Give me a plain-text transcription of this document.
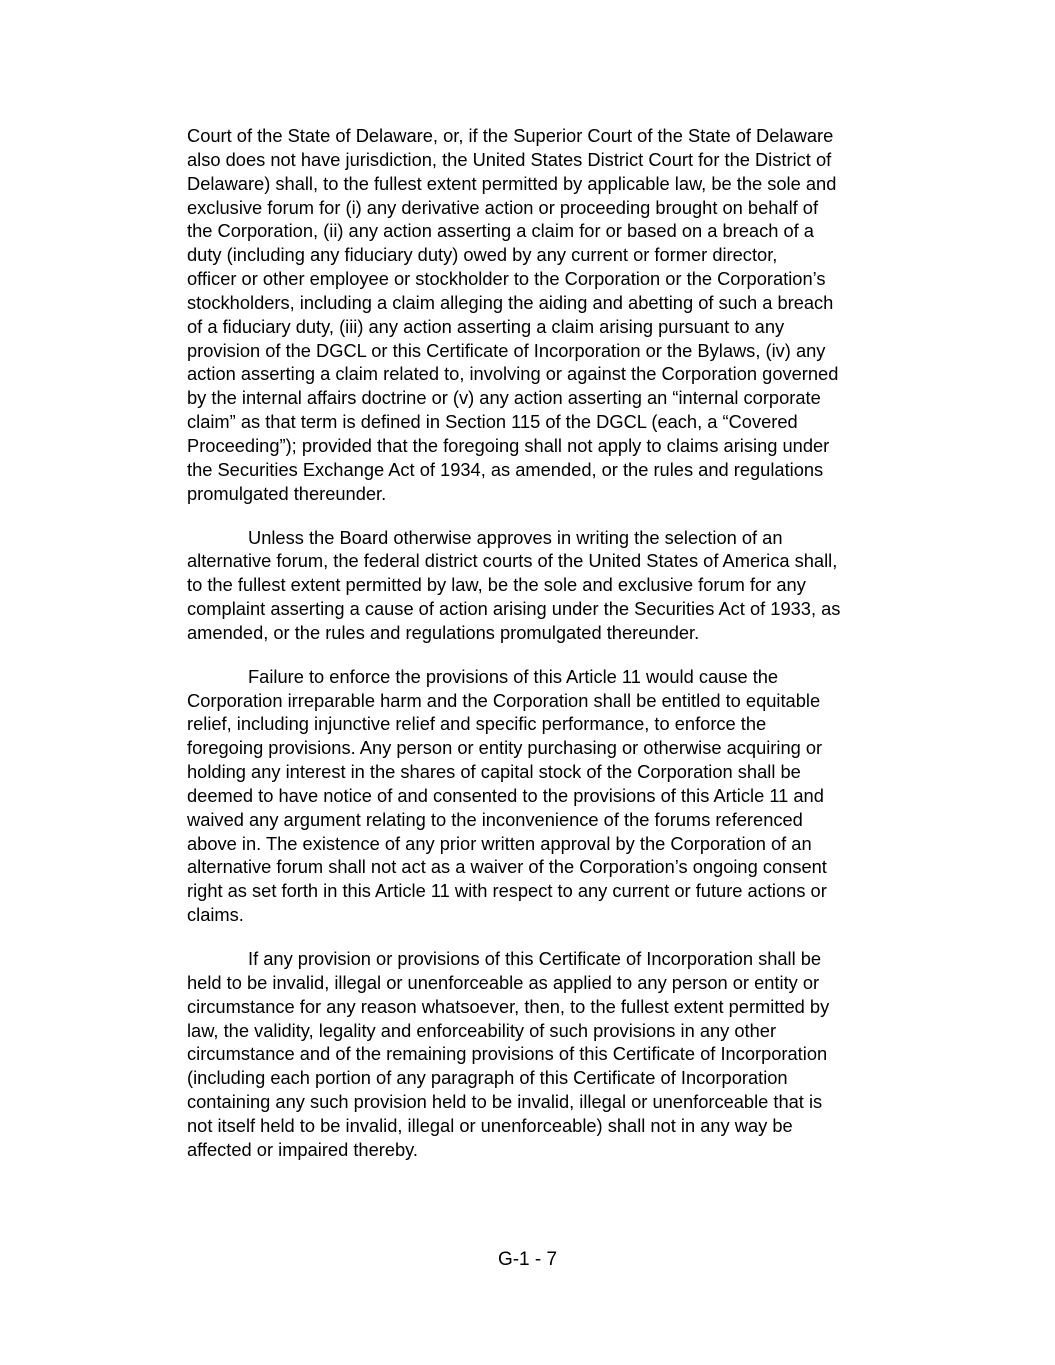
Court of the State of Delaware, or, if the Superior Court of the State of Delaware
also does not have jurisdiction, the United States District Court for the District of
Delaware) shall, to the fullest extent permitted by applicable law, be the sole and
exclusive forum for (i) any derivative action or proceeding brought on behalf of
the Corporation, (ii) any action asserting a claim for or based on a breach of a
duty (including any fiduciary duty) owed by any current or former director,
officer or other employee or stockholder to the Corporation or the Corporation’s
stockholders, including a claim alleging the aiding and abetting of such a breach
of a fiduciary duty, (iii) any action asserting a claim arising pursuant to any
provision of the DGCL or this Certificate of Incorporation or the Bylaws, (iv) any
action asserting a claim related to, involving or against the Corporation governed
by the internal affairs doctrine or (v) any action asserting an “internal corporate
claim” as that term is defined in Section 115 of the DGCL (each, a “Covered
Proceeding”); provided that the foregoing shall not apply to claims arising under
the Securities Exchange Act of 1934, as amended, or the rules and regulations
promulgated thereunder.

Unless the Board otherwise approves in writing the selection of an
alternative forum, the federal district courts of the United States of America shall,
to the fullest extent permitted by law, be the sole and exclusive forum for any
complaint asserting a cause of action arising under the Securities Act of 1933, as
amended, or the rules and regulations promulgated thereunder.

Failure to enforce the provisions of this Article 11 would cause the
Corporation irreparable harm and the Corporation shall be entitled to equitable
relief, including injunctive relief and specific performance, to enforce the
foregoing provisions. Any person or entity purchasing or otherwise acquiring or
holding any interest in the shares of capital stock of the Corporation shall be
deemed to have notice of and consented to the provisions of this Article 11 and
waived any argument relating to the inconvenience of the forums referenced
above in. The existence of any prior written approval by the Corporation of an
alternative forum shall not act as a waiver of the Corporation’s ongoing consent
right as set forth in this Article 11 with respect to any current or future actions or
claims.

If any provision or provisions of this Certificate of Incorporation shall be
held to be invalid, illegal or unenforceable as applied to any person or entity or
circumstance for any reason whatsoever, then, to the fullest extent permitted by
law, the validity, legality and enforceability of such provisions in any other
circumstance and of the remaining provisions of this Certificate of Incorporation
(including each portion of any paragraph of this Certificate of Incorporation
containing any such provision held to be invalid, illegal or unenforceable that is
not itself held to be invalid, illegal or unenforceable) shall not in any way be
affected or impaired thereby.

G-1 - 7
